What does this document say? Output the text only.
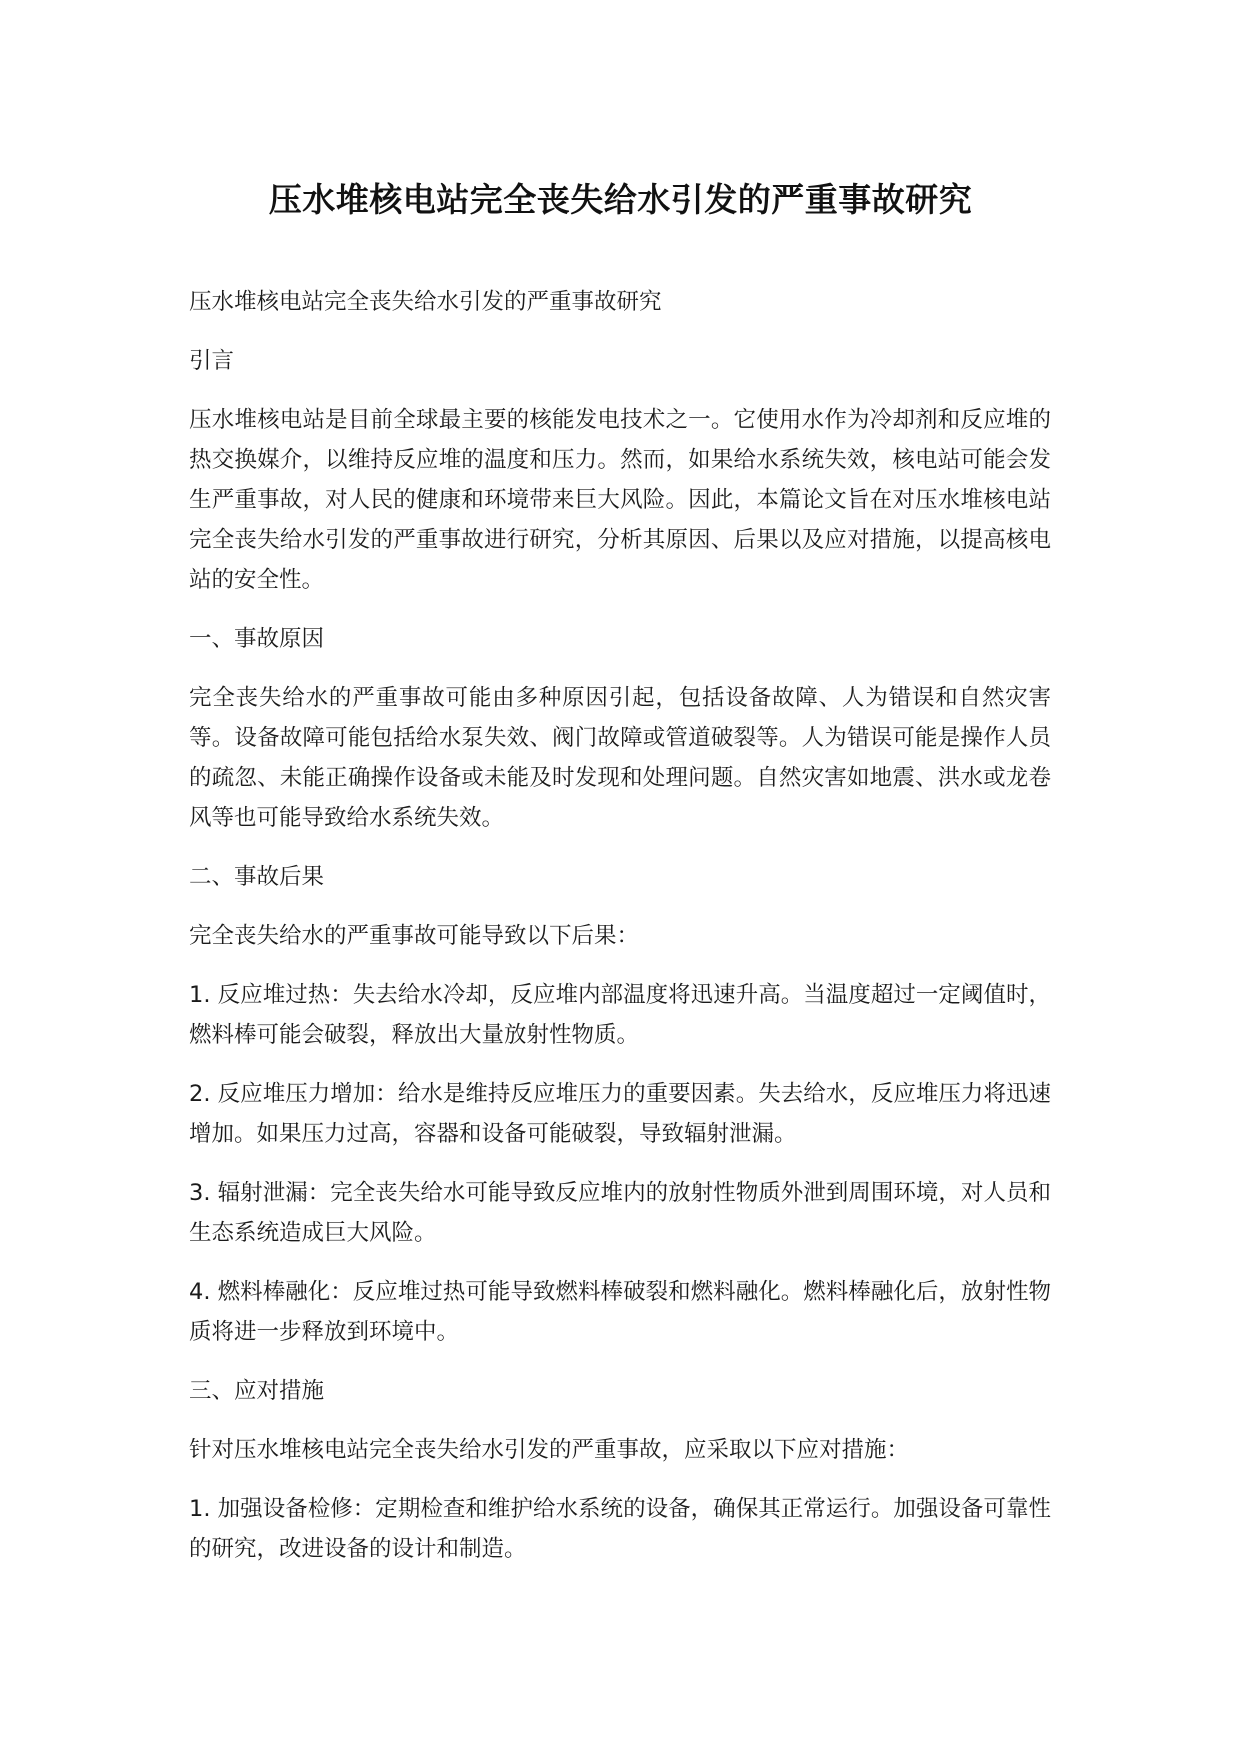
压水堆核电站完全丧失给水引发的严重事故研究

压水堆核电站完全丧失给水引发的严重事故研究

引言

压水堆核电站是目前全球最主要的核能发电技术之一。它使用水作为冷却剂和反应堆的热交换媒介，以维持反应堆的温度和压力。然而，如果给水系统失效，核电站可能会发生严重事故，对人民的健康和环境带来巨大风险。因此，本篇论文旨在对压水堆核电站完全丧失给水引发的严重事故进行研究，分析其原因、后果以及应对措施，以提高核电站的安全性。

一、事故原因

完全丧失给水的严重事故可能由多种原因引起，包括设备故障、人为错误和自然灾害等。设备故障可能包括给水泵失效、阀门故障或管道破裂等。人为错误可能是操作人员的疏忽、未能正确操作设备或未能及时发现和处理问题。自然灾害如地震、洪水或龙卷风等也可能导致给水系统失效。

二、事故后果

完全丧失给水的严重事故可能导致以下后果：

1. 反应堆过热：失去给水冷却，反应堆内部温度将迅速升高。当温度超过一定阈值时，燃料棒可能会破裂，释放出大量放射性物质。

2. 反应堆压力增加：给水是维持反应堆压力的重要因素。失去给水，反应堆压力将迅速增加。如果压力过高，容器和设备可能破裂，导致辐射泄漏。

3. 辐射泄漏：完全丧失给水可能导致反应堆内的放射性物质外泄到周围环境，对人员和生态系统造成巨大风险。

4. 燃料棒融化：反应堆过热可能导致燃料棒破裂和燃料融化。燃料棒融化后，放射性物质将进一步释放到环境中。

三、应对措施

针对压水堆核电站完全丧失给水引发的严重事故，应采取以下应对措施：

1. 加强设备检修：定期检查和维护给水系统的设备，确保其正常运行。加强设备可靠性的研究，改进设备的设计和制造。
